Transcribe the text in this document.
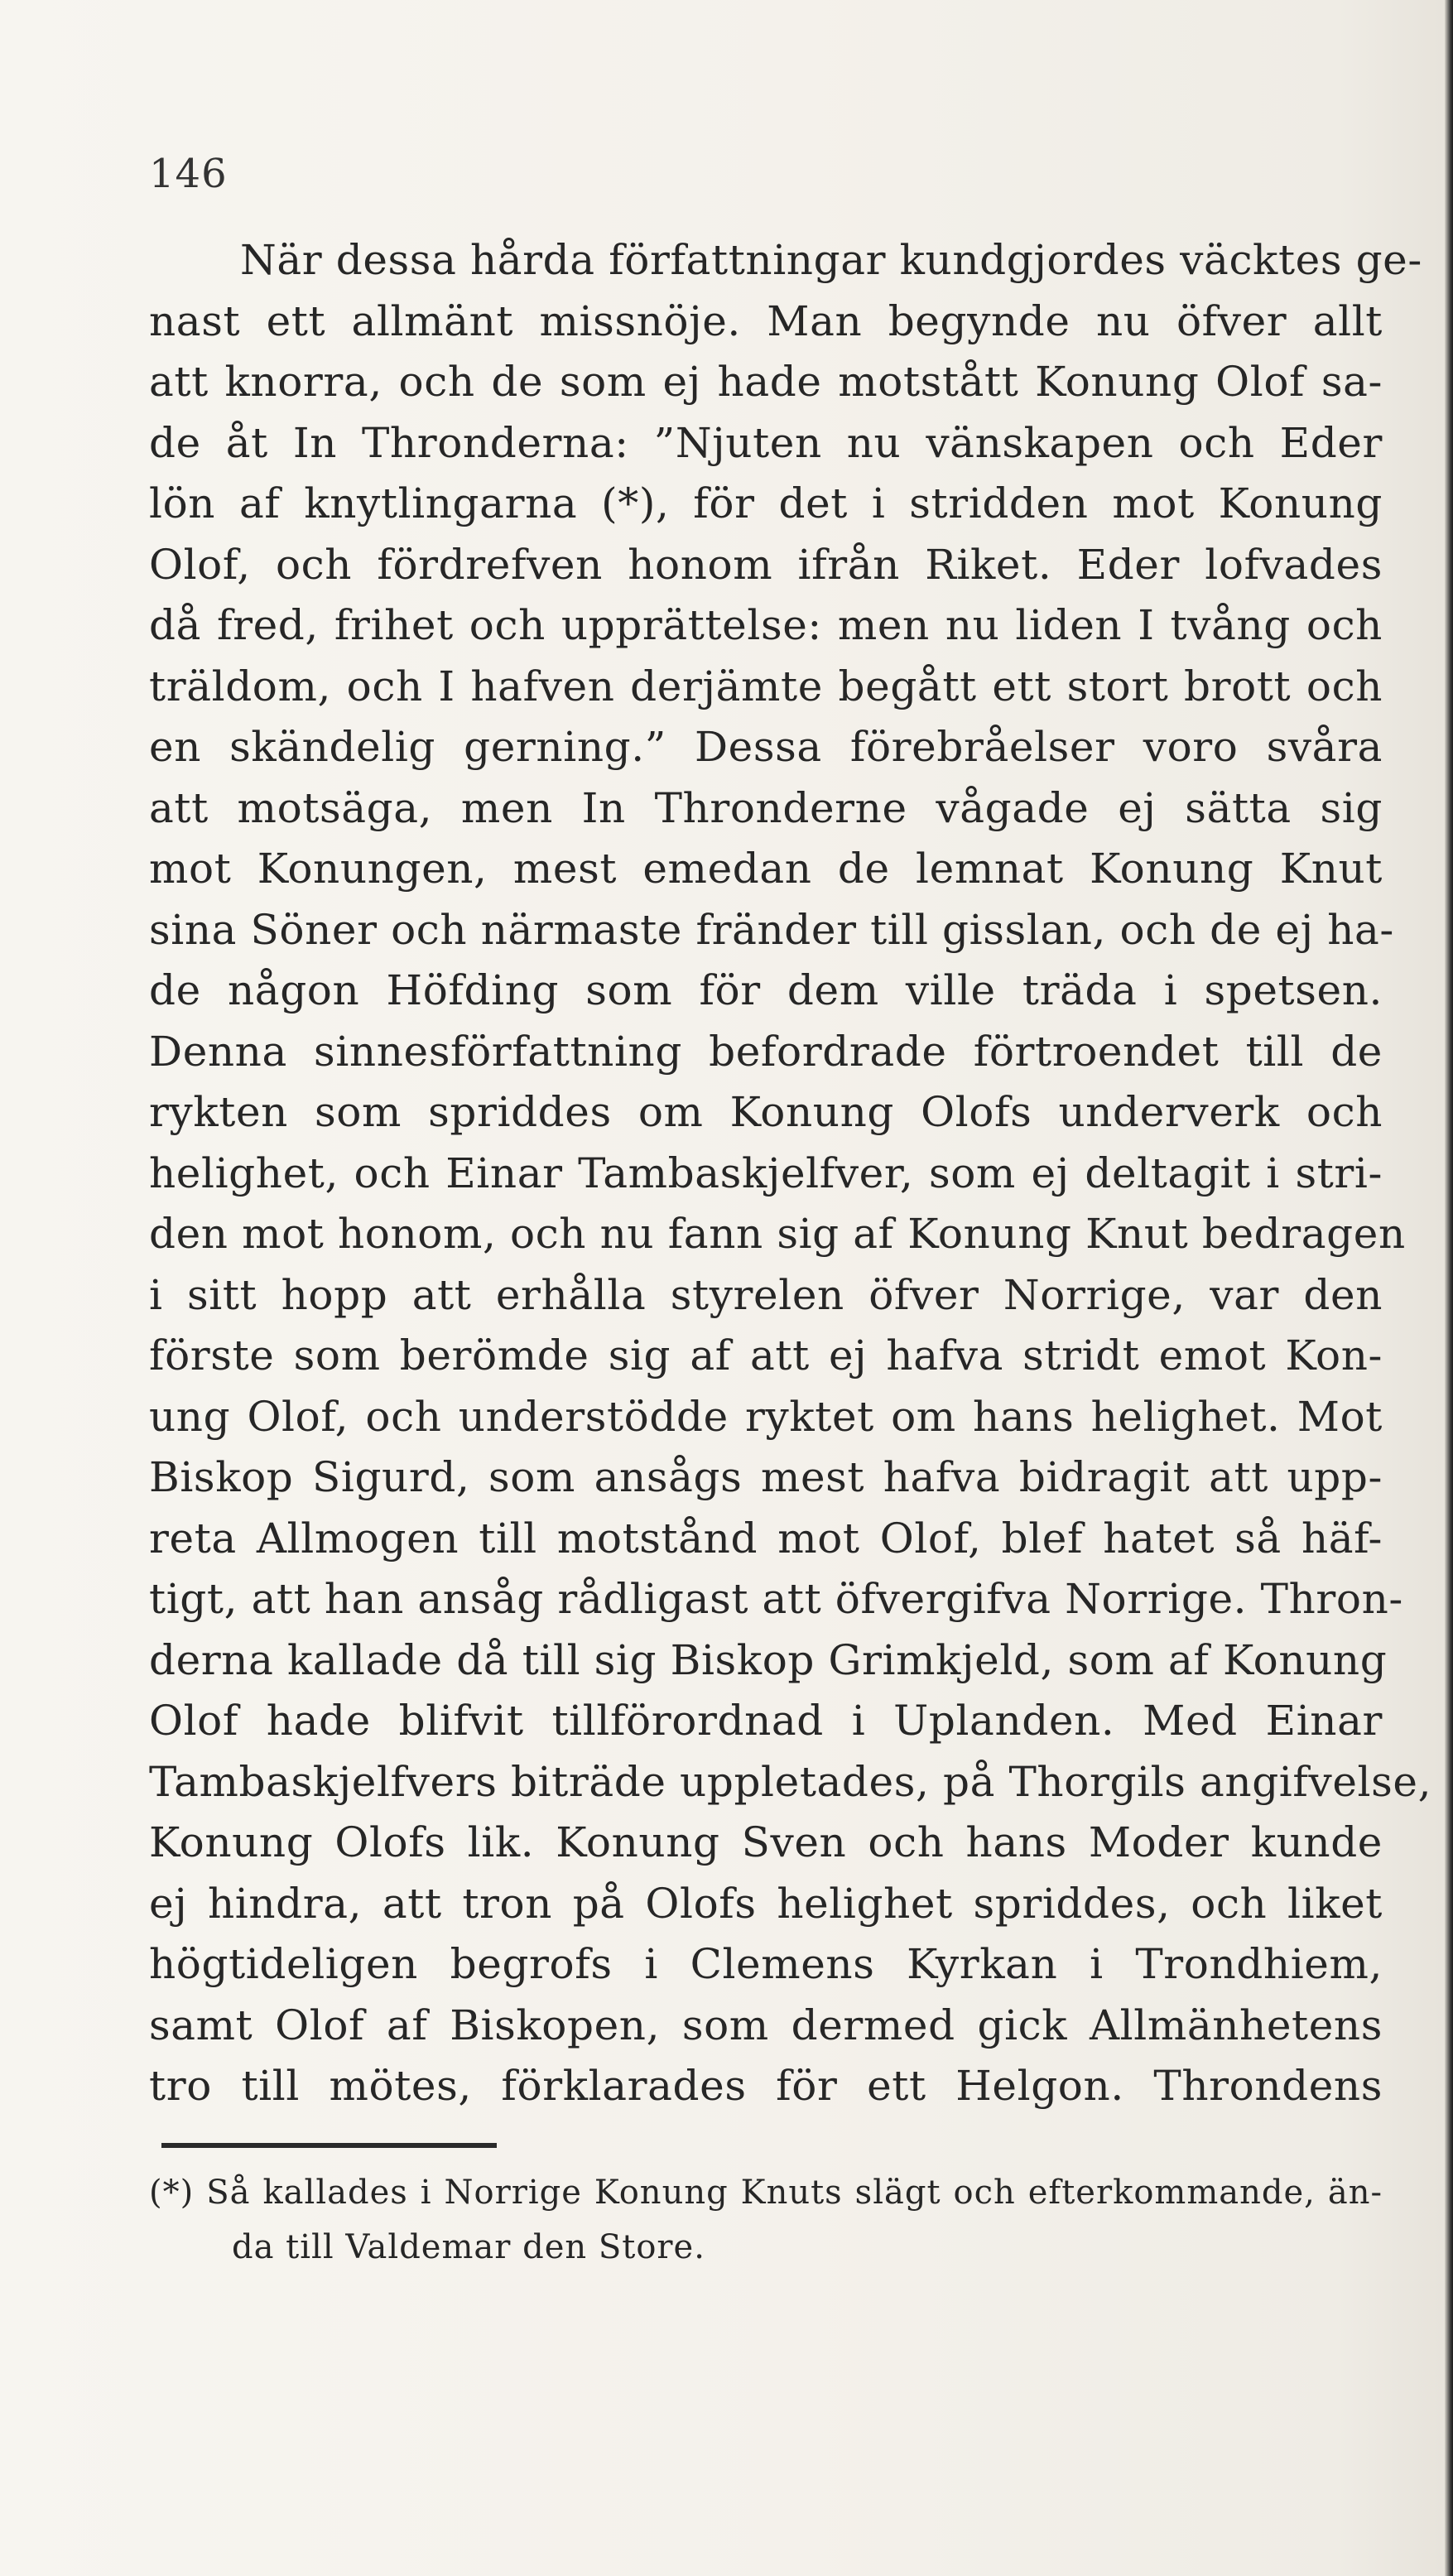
146
När dessa hårda författningar kundgjordes väcktes ge-
nast ett allmänt missnöje. Man begynde nu öfver allt
att knorra, och de som ej hade motstått Konung Olof sa-
de åt In Thronderna: ”Njuten nu vänskapen och Eder
lön af knytlingarna (*), för det i stridden mot Konung
Olof, och fördrefven honom ifrån Riket. Eder lofvades
då fred, frihet och upprättelse: men nu liden I tvång och
träldom, och I hafven derjämte begått ett stort brott och
en skändelig gerning.” Dessa förebråelser voro svåra
att motsäga, men In Thronderne vågade ej sätta sig
mot Konungen, mest emedan de lemnat Konung Knut
sina Söner och närmaste fränder till gisslan, och de ej ha-
de någon Höfding som för dem ville träda i spetsen.
Denna sinnesförfattning befordrade förtroendet till de
rykten som spriddes om Konung Olofs underverk och
helighet, och Einar Tambaskjelfver, som ej deltagit i stri-
den mot honom, och nu fann sig af Konung Knut bedragen
i sitt hopp att erhålla styrelen öfver Norrige, var den
förste som berömde sig af att ej hafva stridt emot Kon-
ung Olof, och understödde ryktet om hans helighet. Mot
Biskop Sigurd, som ansågs mest hafva bidragit att upp-
reta Allmogen till motstånd mot Olof, blef hatet så häf-
tigt, att han ansåg rådligast att öfvergifva Norrige. Thron-
derna kallade då till sig Biskop Grimkjeld, som af Konung
Olof hade blifvit tillförordnad i Uplanden. Med Einar
Tambaskjelfvers biträde uppletades, på Thorgils angifvelse,
Konung Olofs lik. Konung Sven och hans Moder kunde
ej hindra, att tron på Olofs helighet spriddes, och liket
högtideligen begrofs i Clemens Kyrkan i Trondhiem,
samt Olof af Biskopen, som dermed gick Allmänhetens
tro till mötes, förklarades för ett Helgon. Throndens
(*) Så kallades i Norrige Konung Knuts slägt och efterkommande, än-
da till Valdemar den Store.
